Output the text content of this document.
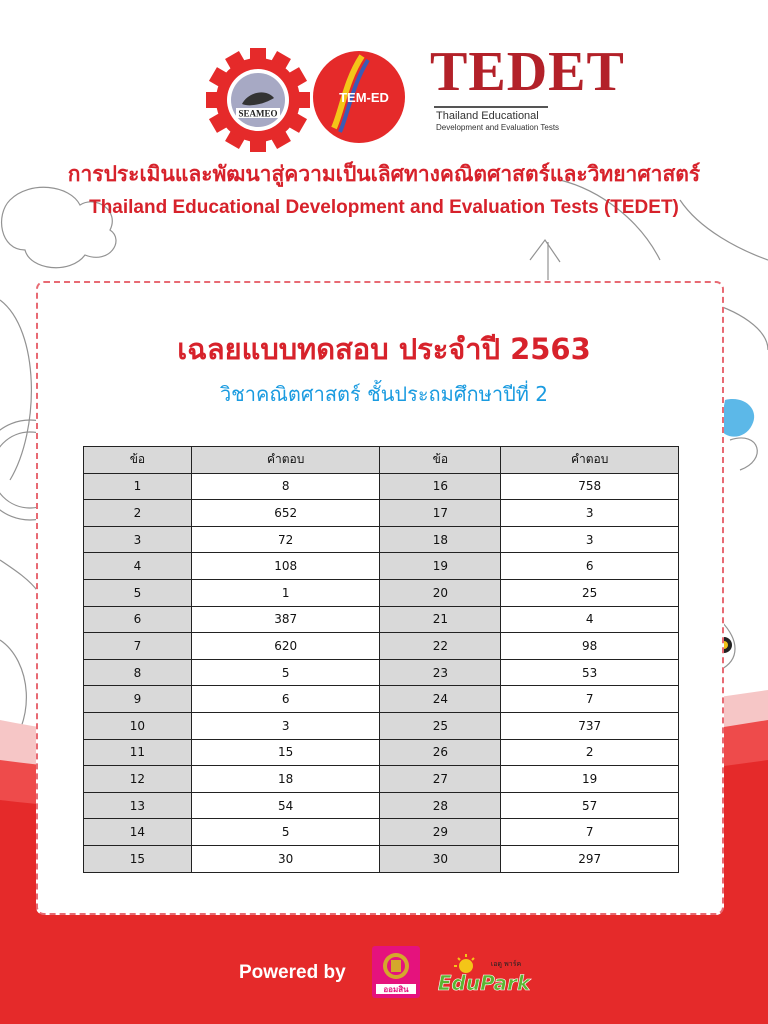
SEAMEO
TEM-ED TEDET
Thailand Educational
Development and Evaluation Tests
การประเมินและพัฒนาสู่ความเป็นเลิศทางคณิตศาสตร์และวิทยาศาสตร์
Thailand Educational Development and Evaluation Tests (TEDET)
เฉลยแบบทดสอบ ประจำปี 2563
วิชาคณิตศาสตร์ ชั้นประถมศึกษาปีที่ 2
ข้อ	คำตอบ	ข้อ	คำตอบ
1	8	16	758
2	652	17	3
3	72	18	3
4	108	19	6
5	1	20	25
6	387	21	4
7	620	22	98
8	5	23	53
9	6	24	7
10	3	25	737
11	15	26	2
12	18	27	19
13	54	28	57
14	5	29	7
15	30	30	297
Powered by
ออมสิน
เอดู พาร์ค
EduPark
